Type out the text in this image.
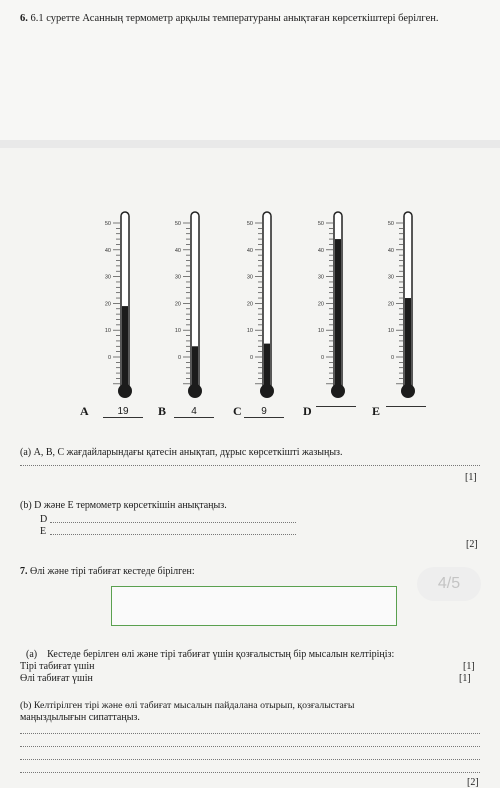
6. 6.1 суретте Асанның термометр арқылы температураны анықтаған көрсеткіштері берілген.
50
40
30
20
10
0
50
40
30
20
10
0
50
40
30
20
10
0
50
40
30
20
10
0
50
40
30
20
10
0
A	19	B	4	C	9	D	E
(а) А, В, С жағдайларындағы қатесін анықтап, дұрыс көрсеткішті жазыңыз.
[1]
(b) D және Е термометр көрсеткішін анықтаңыз.
D
E
[2]
7. Өлі және тірі табиғат кестеде бірілген:
4/5
(а) Кестеде берілген өлі және тірі табиғат үшін қозғалыстың бір мысалын келтіріңіз:
Тірі табиғат үшін	[1]
Өлі табиғат үшін	[1]
(b) Келтірілген тірі және өлі табиғат мысалын пайдалана отырып, қозғалыстағы
маңыздылығын сипаттаңыз.
[2]
